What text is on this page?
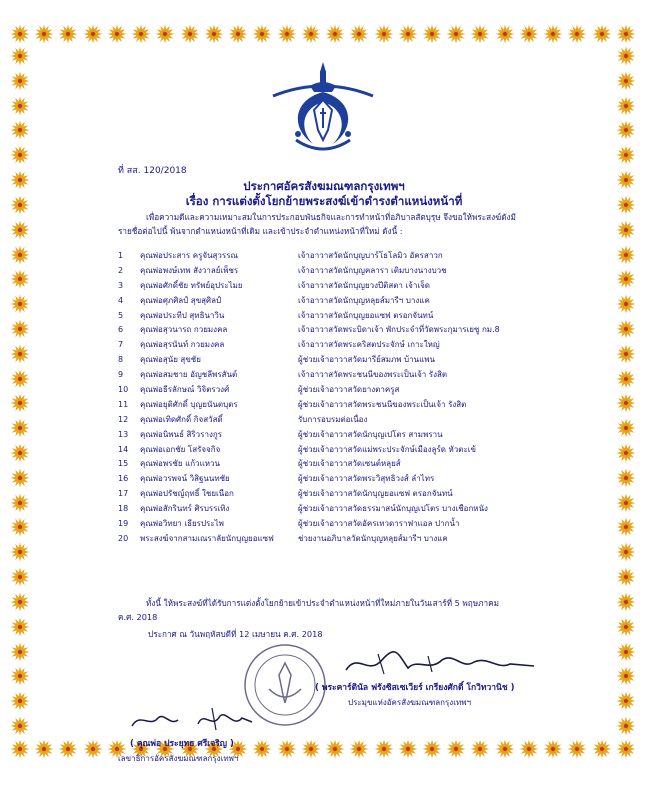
ที่ สส. 120/2018
ประกาศอัครสังฆมณฑลกรุงเทพฯ
เรื่อง การแต่งตั้งโยกย้ายพระสงฆ์เข้าดำรงตำแหน่งหน้าที่
เพื่อความดีและความเหมาะสมในการประกอบพันธกิจและการทำหน้าที่อภิบาลสัตบุรุษ จึงขอให้พระสงฆ์ดังมี
รายชื่อต่อไปนี้ พ้นจากตำแหน่งหน้าที่เดิม และเข้าประจำตำแหน่งหน้าที่ใหม่ ดังนี้ :
1	คุณพ่อประสาร ครูจันสุวรรณ	เจ้าอาวาสวัดนักบุญบาร์โธโลมิว อัครสาวก
2	คุณพ่อพงษ์เทพ สังวาลย์เพ็ชร	เจ้าอาวาสวัดนักบุญคลารา เติมบางนางบวช
3	คุณพ่อศักดิ์ชัย ทรัพย์อุประไมย	เจ้าอาวาสวัดนักบุญยวงปีติสตา เจ้าเจ็ด
4	คุณพ่อศุภศิลป์ สุขสุศิลป์	เจ้าอาวาสวัดนักบุญหลุยส์มารีฯ บางแค
5	คุณพ่อประทีป สุทธินาวิน	เจ้าอาวาสวัดนักบุญยอแซฟ ตรอกจันทน์
6	คุณพ่อสุวนารถ กวยมงคล	เจ้าอาวาสวัดพระบิดาเจ้า พักประจำที่วัดพระกุมารเยซู กม.8
7	คุณพ่อสุรนันท์ กวยมงคล	เจ้าอาวาสวัดพระคริสตประจักษ์ เกาะใหญ่
8	คุณพ่อสุนัย สุขชัย	ผู้ช่วยเจ้าอาวาสวัดมารีย์สมภพ บ้านแพน
9	คุณพ่อสมชาย อัญชลีพรสันต์	เจ้าอาวาสวัดพระชนนีของพระเป็นเจ้า รังสิต
10	คุณพ่อธีรลักษณ์ วิจิตรวงศ์	ผู้ช่วยเจ้าอาวาสวัดยางตาครูส
11	คุณพ่อยุติศักดิ์ บุญยนันตบุตร	ผู้ช่วยเจ้าอาวาสวัดพระชนนีของพระเป็นเจ้า รังสิต
12	คุณพ่อเทิดศักดิ์ กิจสวัสดิ์	รับการอบรมต่อเนื่อง
13	คุณพ่อนิพนธ์ สิริวรางกูร	ผู้ช่วยเจ้าอาวาสวัดนักบุญเปโตร สามพราน
14	คุณพ่อเอกชัย โสรัจจกิจ	ผู้ช่วยเจ้าอาวาสวัดแม่พระประจักษ์เมืองลูร์ด หัวตะเข้
15	คุณพ่อพรชัย แก้วแหวน	ผู้ช่วยเจ้าอาวาสวัดเซนต์หลุยส์
16	คุณพ่อวรพจน์ วิสิฐนนทชัย	ผู้ช่วยเจ้าอาวาสวัดพระวิสุทธิวงส์ ลำไทร
17	คุณพ่อปรัชญ์ฤทธิ์ ใชยเนือก	ผู้ช่วยเจ้าอาวาสวัดนักบุญยอแซฟ ตรอกจันทน์
18	คุณพ่อสักรินทร์ ศิรบรรเทิง	ผู้ช่วยเจ้าอาวาสวัดธรรมาสน์นักบุญเปโตร บางเชือกหนัง
19	คุณพ่อวิทยา เธียรประไพ	ผู้ช่วยเจ้าอาวาสวัดอัครเทวดาราฟาแอล ปากน้ำ
20	พระสงฆ์จากสามเณราลัยนักบุญยอแซฟ	ช่วยงานอภิบาลวัดนักบุญหลุยส์มารีฯ บางแค
ทั้งนี้ ให้พระสงฆ์ที่ได้รับการแต่งตั้งโยกย้ายเข้าประจำตำแหน่งหน้าที่ใหม่ภายในวันเสาร์ที่ 5 พฤษภาคม
ค.ศ. 2018
ประกาศ ณ วันพฤหัสบดีที่ 12 เมษายน ค.ศ. 2018
( พระคาร์ดินัล ฟรังซิสเซเวียร์ เกรียงศักดิ์ โกวิทวานิช )
ประมุขแห่งอัครสังฆมณฑลกรุงเทพฯ
( คุณพ่อ ประยุทธ ศรีเจริญ )
เลขาธิการอัครสังฆมณฑลกรุงเทพฯ
